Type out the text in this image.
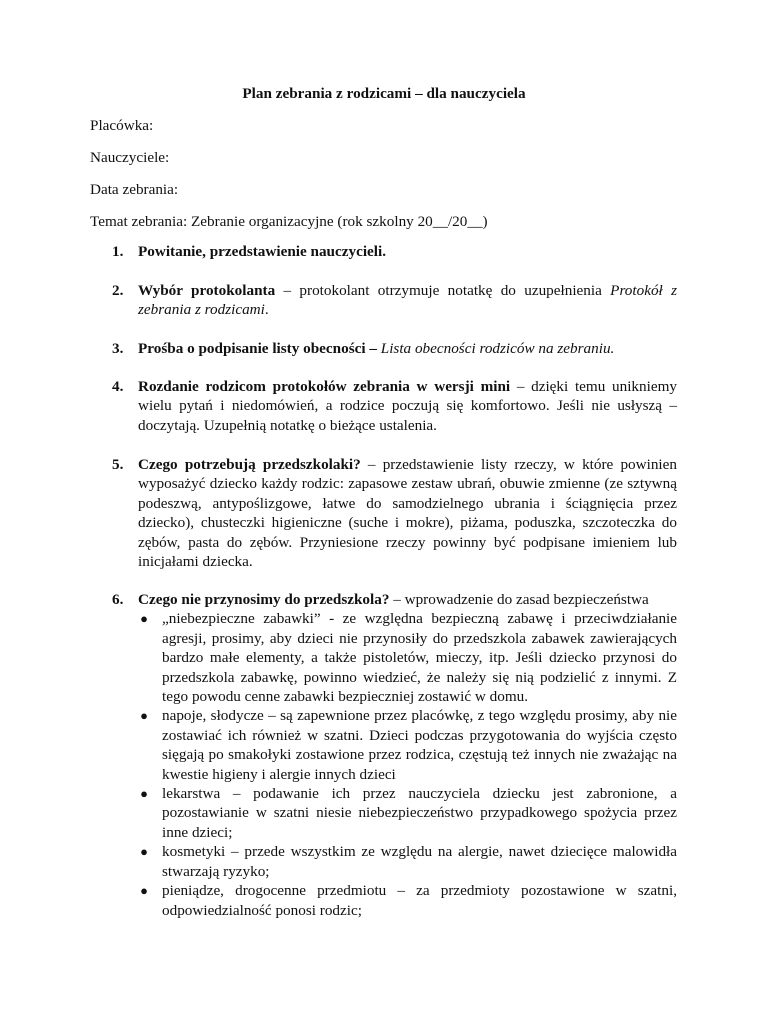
Plan zebrania z rodzicami – dla nauczyciela

Placówka:

Nauczyciele:

Data zebrania:

Temat zebrania: Zebranie organizacyjne (rok szkolny 20__/20__)

1. Powitanie, przedstawienie nauczycieli.

2. Wybór protokolanta – protokolant otrzymuje notatkę do uzupełnienia Protokół z zebrania z rodzicami.

3. Prośba o podpisanie listy obecności – Lista obecności rodziców na zebraniu.

4. Rozdanie rodzicom protokołów zebrania w wersji mini – dzięki temu unikniemy wielu pytań i niedomówień, a rodzice poczują się komfortowo. Jeśli nie usłyszą – doczytają. Uzupełnią notatkę o bieżące ustalenia.

5. Czego potrzebują przedszkolaki? – przedstawienie listy rzeczy, w które powinien wyposażyć dziecko każdy rodzic: zapasowe zestaw ubrań, obuwie zmienne (ze sztywną podeszwą, antypoślizgowe, łatwe do samodzielnego ubrania i ściągnięcia przez dziecko), chusteczki higieniczne (suche i mokre), piżama, poduszka, szczoteczka do zębów, pasta do zębów. Przyniesione rzeczy powinny być podpisane imieniem lub inicjałami dziecka.

6. Czego nie przynosimy do przedszkola? – wprowadzenie do zasad bezpieczeństwa

● „niebezpieczne zabawki” - ze względna bezpieczną zabawę i przeciwdziałanie agresji, prosimy, aby dzieci nie przynosiły do przedszkola zabawek zawierających bardzo małe elementy, a także pistoletów, mieczy, itp. Jeśli dziecko przynosi do przedszkola zabawkę, powinno wiedzieć, że należy się nią podzielić z innymi. Z tego powodu cenne zabawki bezpieczniej zostawić w domu.
● napoje, słodycze – są zapewnione przez placówkę, z tego względu prosimy, aby nie zostawiać ich również w szatni. Dzieci podczas przygotowania do wyjścia często sięgają po smakołyki zostawione przez rodzica, częstują też innych nie zważając na kwestie higieny i alergie innych dzieci
● lekarstwa – podawanie ich przez nauczyciela dziecku jest zabronione, a pozostawianie w szatni niesie niebezpieczeństwo przypadkowego spożycia przez inne dzieci;
● kosmetyki – przede wszystkim ze względu na alergie, nawet dziecięce malowidła stwarzają ryzyko;
● pieniądze, drogocenne przedmiotu – za przedmioty pozostawione w szatni, odpowiedzialność ponosi rodzic;
